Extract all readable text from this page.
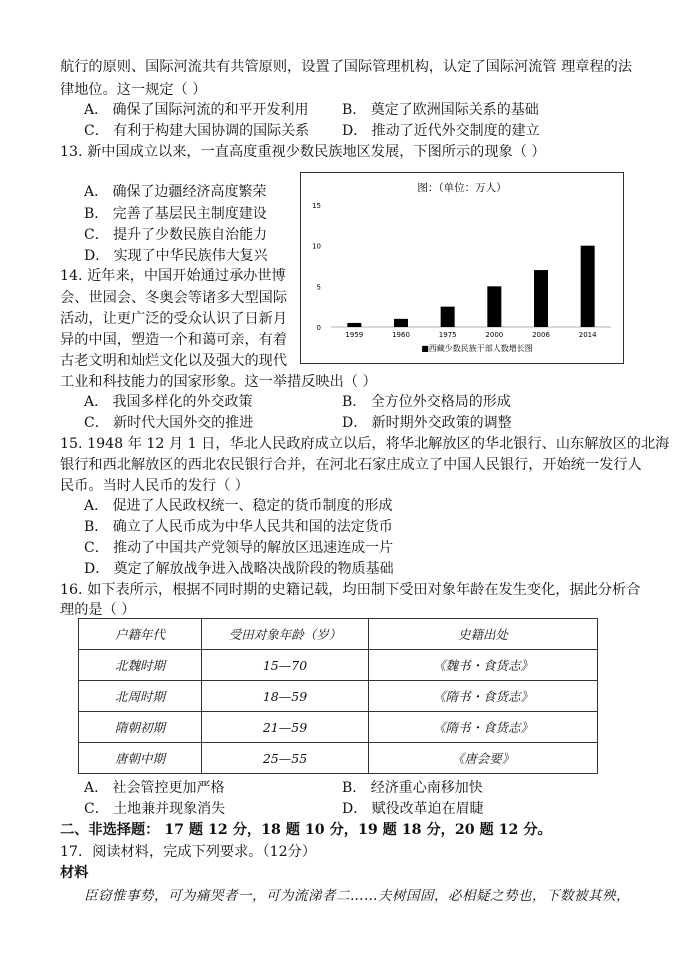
航行的原则、国际河流共有共管原则，设置了国际管理机构，认定了国际河流管 理章程的法
律地位。这一规定（ ）
A． 确保了国际河流的和平开发利用 B． 奠定了欧洲国际关系的基础
C． 有利于构建大国协调的国际关系 D． 推动了近代外交制度的建立
13. 新中国成立以来，一直高度重视少数民族地区发展，下图所示的现象（ ）
A． 确保了边疆经济高度繁荣
B． 完善了基层民主制度建设
C． 提升了少数民族自治能力
D． 实现了中华民族伟大复兴
图：（单位：万人）
0
5
10
15
1959	1960	1975	2000	2006	2014
■西藏少数民族干部人数增长图
14. 近年来，中国开始通过承办世博
会、世园会、冬奥会等诸多大型国际
活动，让更广泛的受众认识了日新月
异的中国，塑造一个和蔼可亲，有着
古老文明和灿烂文化以及强大的现代
工业和科技能力的国家形象。这一举措反映出（ ）
A． 我国多样化的外交政策	B． 全方位外交格局的形成
C． 新时代大国外交的推进	D． 新时期外交政策的调整
15. 1948 年 12 月 1 日，华北人民政府成立以后，将华北解放区的华北银行、山东解放区的北海
银行和西北解放区的西北农民银行合并，在河北石家庄成立了中国人民银行，开始统一发行人
民币。当时人民币的发行（ ）
A． 促进了人民政权统一、稳定的货币制度的形成
B． 确立了人民币成为中华人民共和国的法定货币
C． 推动了中国共产党领导的解放区迅速连成一片
D． 奠定了解放战争进入战略决战阶段的物质基础
16. 如下表所示，根据不同时期的史籍记载，均田制下受田对象年龄在发生变化，据此分析合
理的是（ ）
户籍年代	受田对象年龄（岁）	史籍出处
北魏时期	15—70	《魏书・食货志》
北周时期	18—59	《隋书・食货志》
隋朝初期	21—59	《隋书・食货志》
唐朝中期	25—55	《唐会要》
A． 社会管控更加严格	B． 经济重心南移加快
C． 土地兼并现象消失	D． 赋役改革迫在眉睫
二、非选择题： 17 题 12 分，18 题 10 分，19 题 18 分，20 题 12 分。
17．阅读材料，完成下列要求。（12分）
材料
臣窃惟事势，可为痛哭者一，可为流涕者二……夫树国固，必相疑之势也，下数被其殃，
